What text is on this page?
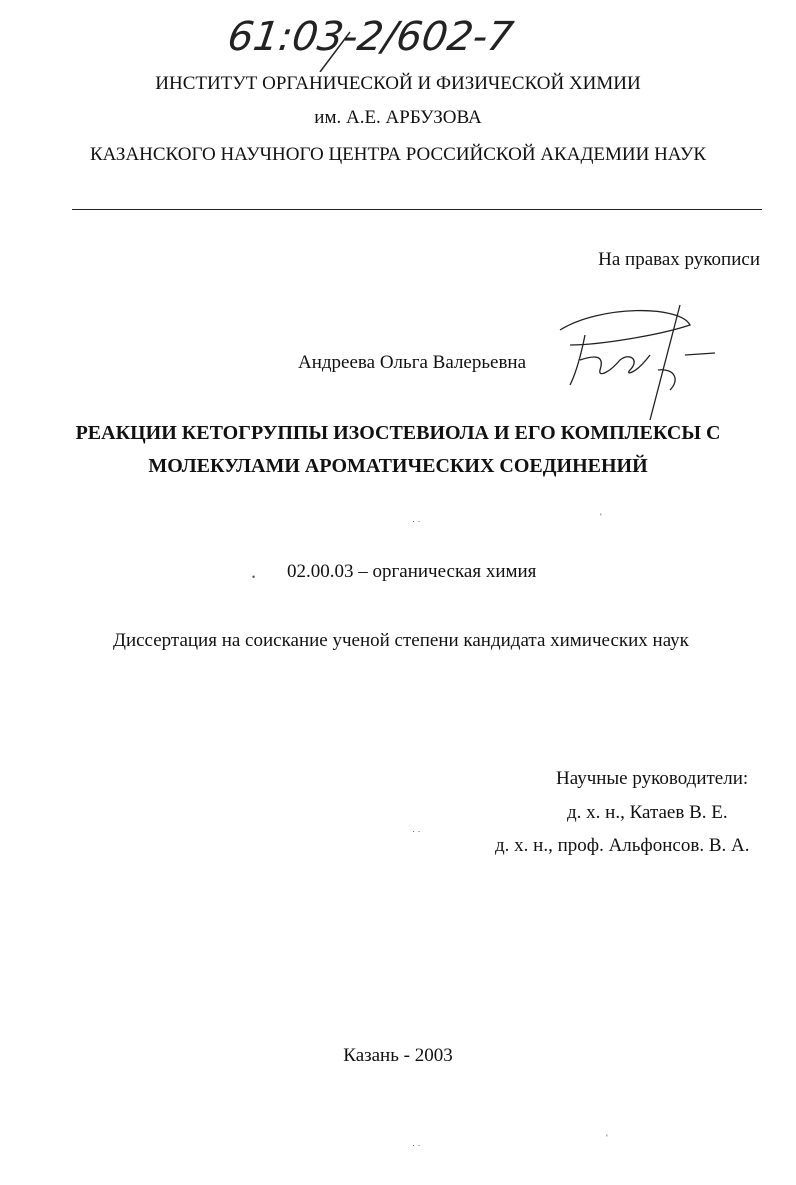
61:03-2/602-7
ИНСТИТУТ ОРГАНИЧЕСКОЙ И ФИЗИЧЕСКОЙ ХИМИИ
им. А.Е. АРБУЗОВА
КАЗАНСКОГО НАУЧНОГО ЦЕНТРА РОССИЙСКОЙ АКАДЕМИИ НАУК
На правах рукописи
Андреева Ольга Валерьевна
РЕАКЦИИ КЕТОГРУППЫ ИЗОСТЕВИОЛА И ЕГО КОМПЛЕКСЫ С
МОЛЕКУЛАМИ АРОМАТИЧЕСКИХ СОЕДИНЕНИЙ
02.00.03 – органическая химия
Диссертация на соискание ученой степени кандидата химических наук
Научные руководители:
д. х. н., Катаев В. Е.
д. х. н., проф. Альфонсов. В. А.
Казань - 2003
· ·	'
•
· ·
· ·
'
